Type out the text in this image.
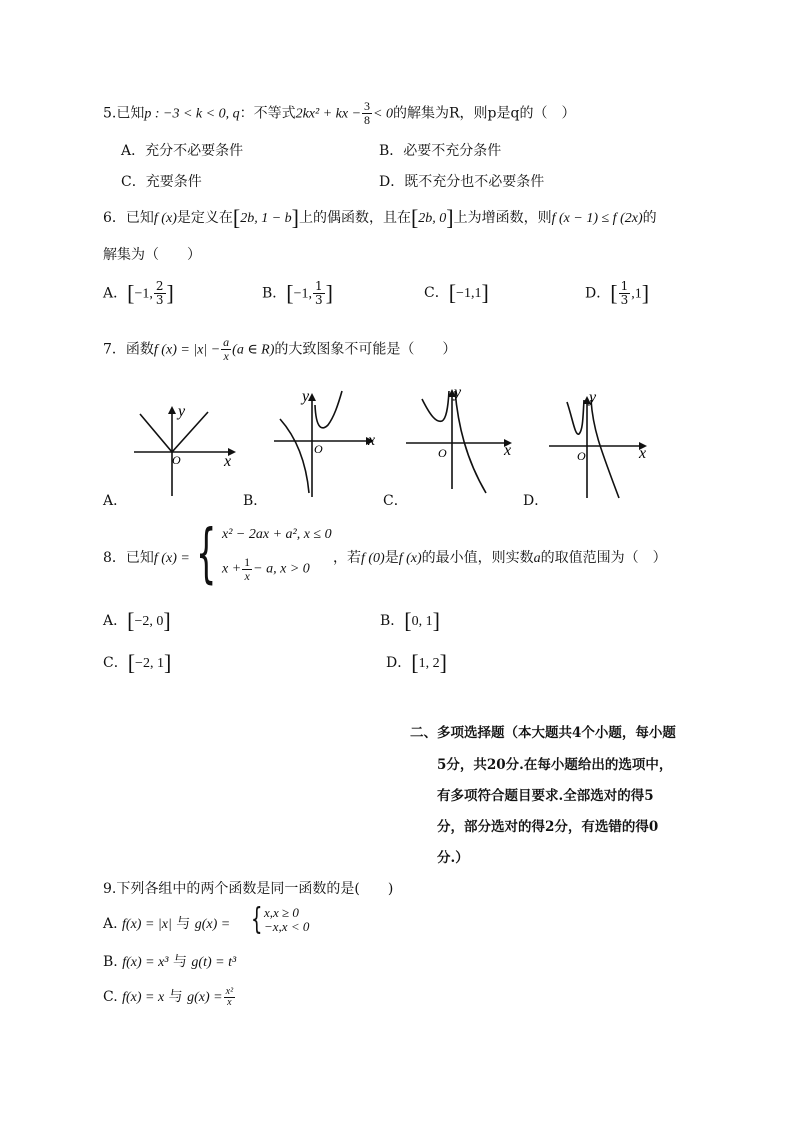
5.已知p : −3 < k < 0, q：不等式2kx² + kx − $\frac{3}{8} < 0$的解集为R，则p是q的（　）
A．充分不必要条件	B．必要不充分条件
C．充要条件	D．既不充分也不必要条件
6．已知f (x)是定义在[2b, 1 − b]上的偶函数，且在[2b, 0]上为增函数，则f (x − 1) ≤ f (2x)的
解集为（　　）
A．[−1, $\frac{2}{3}$ ]	B．[−1, $\frac{1}{3}$ ]	C．[−1,1]	D．[ $\frac{1}{3} ,1$]
7．函数f $(x) = |x| - \frac{a}{x} (a$ ∈ R)的大致图象不可能是（　　）
x
y
O
A．
x
y
O
B．
x
y
O
C．
x
y
O
D．
8．已知f (x) = { x² − 2ax + a², x ≤ 0
$x + \frac{1}{x} - a$, x > 0
，若f (0)是f (x)的最小值，则实数a的取值范围为（　）
A．[−2, 0]	B．[0, 1]
C．[−2, 1]	D．[1, 2]
二、多项选择题（本大题共4个小题，每小题
5分，共20分.在每小题给出的选项中，
有多项符合题目要求.全部选对的得5
分，部分选对的得2分，有选错的得0
分.）
9.下列各组中的两个函数是同一函数的是(　　)
A. f(x) = |x| 与 g(x) = { x,x ≥ 0
−x,x < 0
B. f(x) = x³ 与 g(t) = t³
C. f(x) = x 与 $g(x) = \frac{\text{x²}}{x}$
